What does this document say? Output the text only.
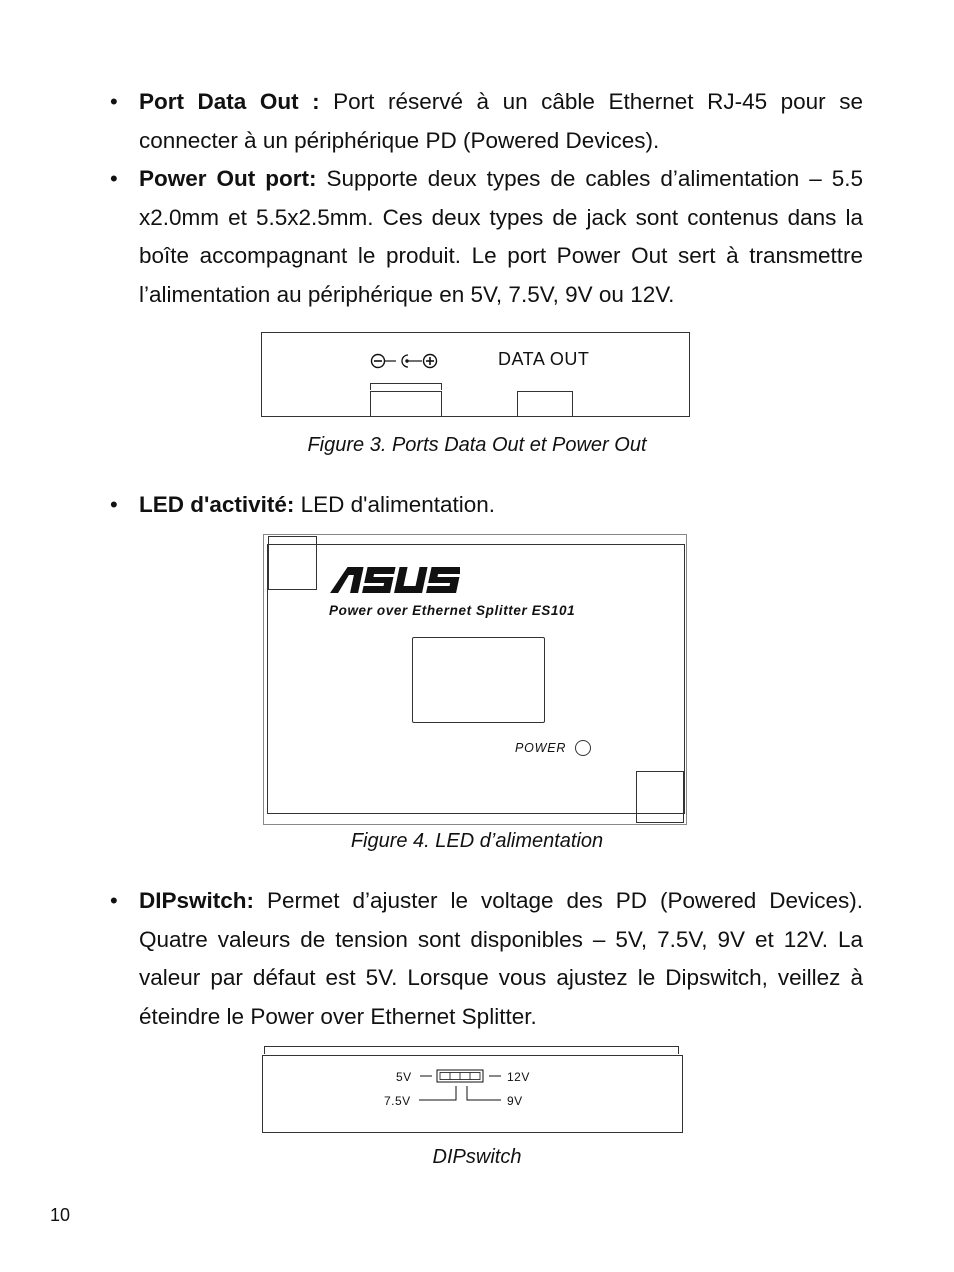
• Port Data Out : Port réservé à un câble Ethernet RJ-45 pour se connecter à un périphérique PD (Powered Devices).
• Power Out port: Supporte deux types de cables d’alimentation – 5.5 x2.0mm et 5.5x2.5mm. Ces deux types de jack sont contenus dans la boîte accompagnant le produit. Le port Power Out sert à transmettre l’alimentation au périphérique en 5V, 7.5V, 9V ou 12V.
DATA OUT
Figure 3. Ports Data Out et Power Out
• LED d'activité: LED d'alimentation.
Power over Ethernet Splitter ES101
POWER
Figure 4. LED d’alimentation
• DIPswitch: Permet d’ajuster le voltage des PD (Powered Devices). Quatre valeurs de tension sont disponibles – 5V, 7.5V, 9V et 12V. La valeur par défaut est 5V. Lorsque vous ajustez le Dipswitch, veillez à éteindre le Power over Ethernet Splitter.
5V	12V
7.5V	9V
DIPswitch
10
